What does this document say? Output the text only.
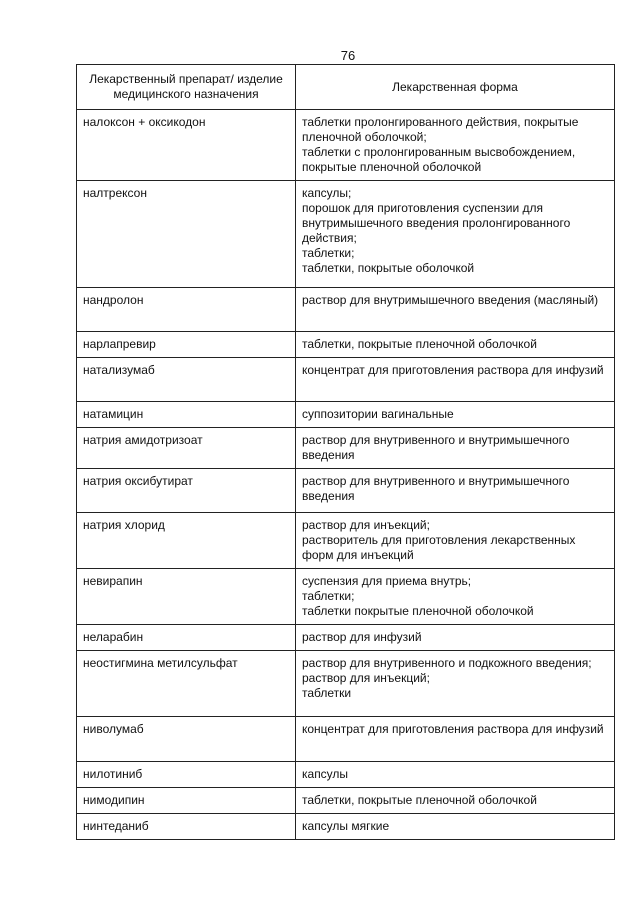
76
Лекарственный препарат/ изделие медицинского назначения	Лекарственная форма
налоксон + оксикодон	таблетки пролонгированного действия, покрытые пленочной оболочкой;
таблетки с пролонгированным высвобождением, покрытые пленочной оболочкой

налтрексон	капсулы;
порошок для приготовления суспензии для внутримышечного введения пролонгированного действия;
таблетки;
таблетки, покрытые оболочкой

нандролон	раствор для внутримышечного введения (масляный)

нарлапревир	таблетки, покрытые пленочной оболочкой

натализумаб	концентрат для приготовления раствора для инфузий

натамицин	суппозитории вагинальные

натрия амидотризоат	раствор для внутривенного и внутримышечного введения

натрия оксибутират	раствор для внутривенного и внутримышечного введения

натрия хлорид	раствор для инъекций;
растворитель для приготовления лекарственных форм для инъекций

невирапин	суспензия для приема внутрь;
таблетки;
таблетки покрытые пленочной оболочкой

неларабин	раствор для инфузий

неостигмина метилсульфат	раствор для внутривенного и подкожного введения;
раствор для инъекций;
таблетки

ниволумаб	концентрат для приготовления раствора для инфузий

нилотиниб	капсулы

нимодипин	таблетки, покрытые пленочной оболочкой

нинтеданиб	капсулы мягкие
